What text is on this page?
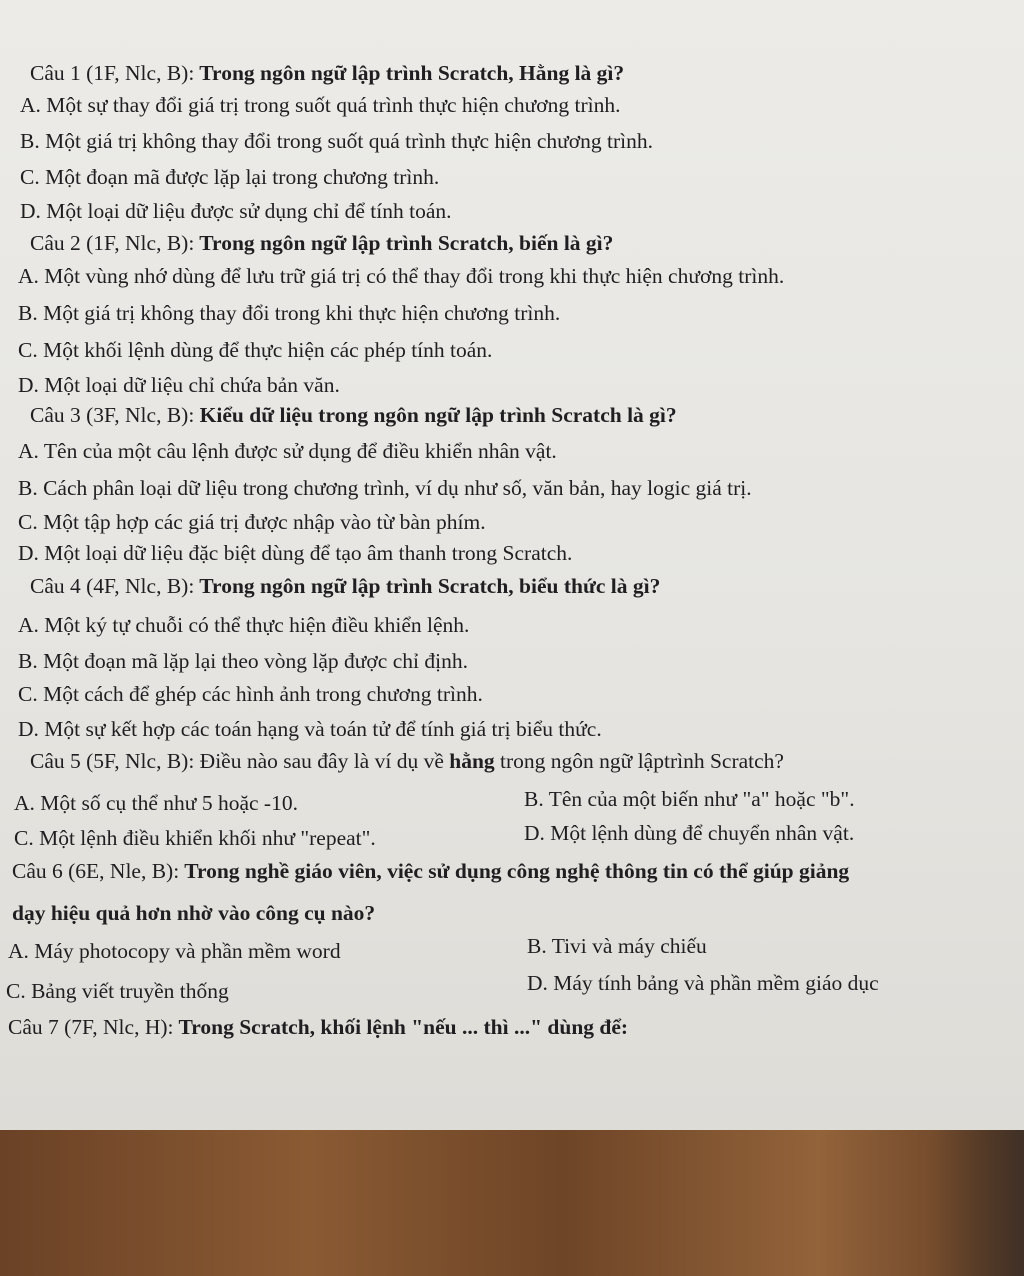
Câu 1 (1F, Nlc, B): Trong ngôn ngữ lập trình Scratch, Hằng là gì?
A. Một sự thay đổi giá trị trong suốt quá trình thực hiện chương trình.
B. Một giá trị không thay đổi trong suốt quá trình thực hiện chương trình.
C. Một đoạn mã được lặp lại trong chương trình.
D. Một loại dữ liệu được sử dụng chỉ để tính toán.
Câu 2 (1F, Nlc, B): Trong ngôn ngữ lập trình Scratch, biến là gì?
A. Một vùng nhớ dùng để lưu trữ giá trị có thể thay đổi trong khi thực hiện chương trình.
B. Một giá trị không thay đổi trong khi thực hiện chương trình.
C. Một khối lệnh dùng để thực hiện các phép tính toán.
D. Một loại dữ liệu chỉ chứa bản văn.
Câu 3 (3F, Nlc, B): Kiểu dữ liệu trong ngôn ngữ lập trình Scratch là gì?
A. Tên của một câu lệnh được sử dụng để điều khiển nhân vật.
B. Cách phân loại dữ liệu trong chương trình, ví dụ như số, văn bản, hay logic giá trị.
C. Một tập hợp các giá trị được nhập vào từ bàn phím.
D. Một loại dữ liệu đặc biệt dùng để tạo âm thanh trong Scratch.
Câu 4 (4F, Nlc, B): Trong ngôn ngữ lập trình Scratch, biểu thức là gì?
A. Một ký tự chuỗi có thể thực hiện điều khiển lệnh.
B. Một đoạn mã lặp lại theo vòng lặp được chỉ định.
C. Một cách để ghép các hình ảnh trong chương trình.
D. Một sự kết hợp các toán hạng và toán tử để tính giá trị biểu thức.
Câu 5 (5F, Nlc, B): Điều nào sau đây là ví dụ về hằng trong ngôn ngữ lậptrình Scratch?
A. Một số cụ thể như 5 hoặc -10.	B. Tên của một biến như "a" hoặc "b".
C. Một lệnh điều khiển khối như "repeat".	D. Một lệnh dùng để chuyển nhân vật.
Câu 6 (6E, Nle, B): Trong nghề giáo viên, việc sử dụng công nghệ thông tin có thể giúp giảng
dạy hiệu quả hơn nhờ vào công cụ nào?
A. Máy photocopy và phần mềm word	B. Tivi và máy chiếu
C. Bảng viết truyền thống	D. Máy tính bảng và phần mềm giáo dục
Câu 7 (7F, Nlc, H): Trong Scratch, khối lệnh "nếu ... thì ..." dùng để:
